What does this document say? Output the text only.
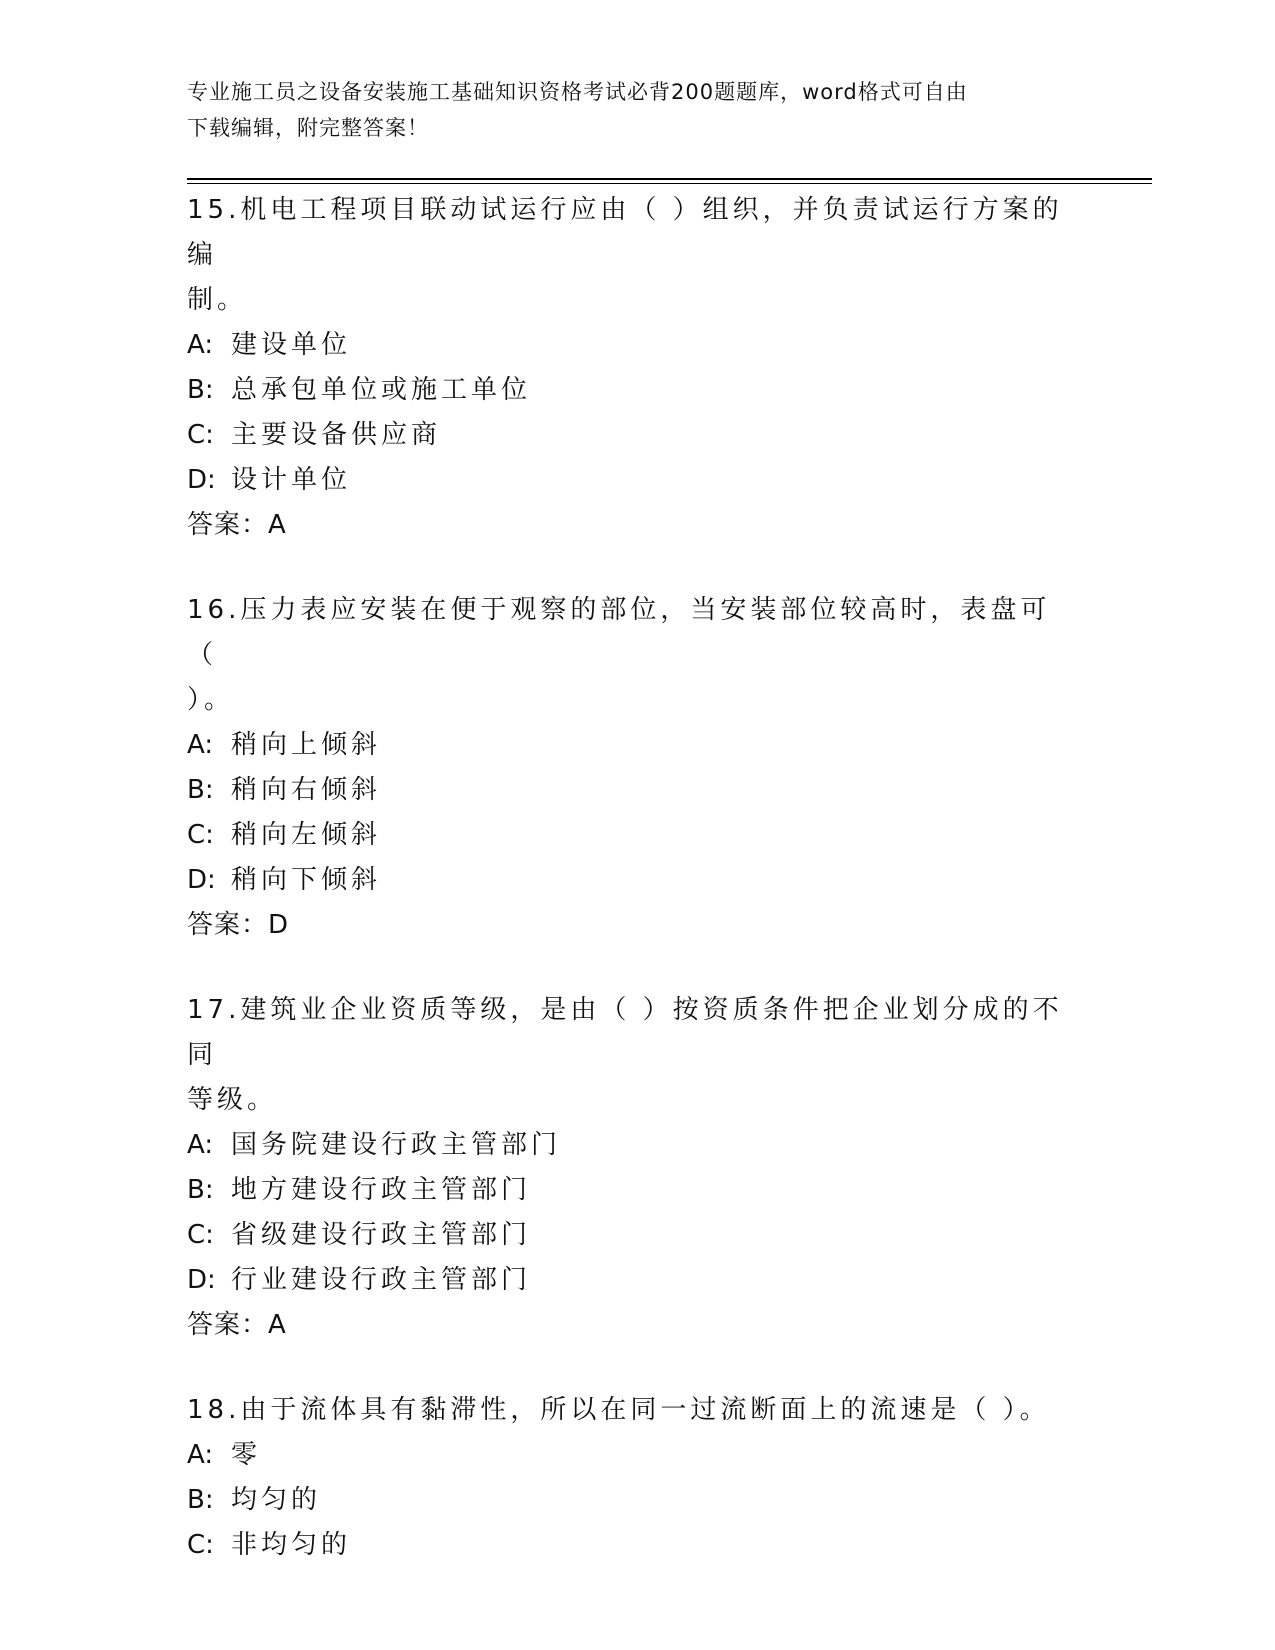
专业施工员之设备安装施工基础知识资格考试必背200题题库，word格式可自由
下载编辑，附完整答案！
15.机电工程项目联动试运行应由（ ）组织，并负责试运行方案的编
制。
A: 建设单位
B: 总承包单位或施工单位
C: 主要设备供应商
D: 设计单位
答案：A
16.压力表应安装在便于观察的部位，当安装部位较高时，表盘可（
）。
A: 稍向上倾斜
B: 稍向右倾斜
C: 稍向左倾斜
D: 稍向下倾斜
答案：D
17.建筑业企业资质等级，是由（ ）按资质条件把企业划分成的不同
等级。
A: 国务院建设行政主管部门
B: 地方建设行政主管部门
C: 省级建设行政主管部门
D: 行业建设行政主管部门
答案：A
18.由于流体具有黏滞性，所以在同一过流断面上的流速是（ ）。
A: 零
B: 均匀的
C: 非均匀的
